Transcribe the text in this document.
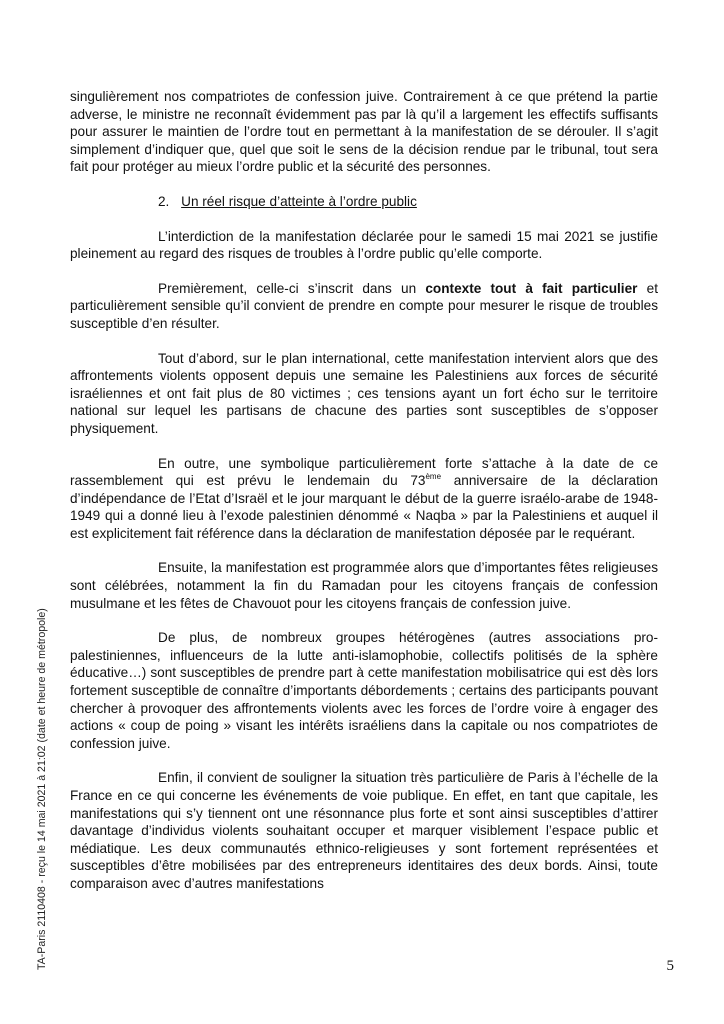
singulièrement nos compatriotes de confession juive. Contrairement à ce que prétend la partie adverse, le ministre ne reconnaît évidemment pas par là qu’il a largement les effectifs suffisants pour assurer le maintien de l’ordre tout en permettant à la manifestation de se dérouler. Il s’agit simplement d’indiquer que, quel que soit le sens de la décision rendue par le tribunal, tout sera fait pour protéger au mieux l’ordre public et la sécurité des personnes.

2. Un réel risque d’atteinte à l’ordre public

L’interdiction de la manifestation déclarée pour le samedi 15 mai 2021 se justifie pleinement au regard des risques de troubles à l’ordre public qu’elle comporte.

Premièrement, celle-ci s’inscrit dans un contexte tout à fait particulier et particulièrement sensible qu’il convient de prendre en compte pour mesurer le risque de troubles susceptible d’en résulter.

Tout d’abord, sur le plan international, cette manifestation intervient alors que des affrontements violents opposent depuis une semaine les Palestiniens aux forces de sécurité israéliennes et ont fait plus de 80 victimes ; ces tensions ayant un fort écho sur le territoire national sur lequel les partisans de chacune des parties sont susceptibles de s’opposer physiquement.

En outre, une symbolique particulièrement forte s’attache à la date de ce rassemblement qui est prévu le lendemain du 73ème anniversaire de la déclaration d’indépendance de l’Etat d’Israël et le jour marquant le début de la guerre israélo-arabe de 1948-1949 qui a donné lieu à l’exode palestinien dénommé « Naqba » par la Palestiniens et auquel il est explicitement fait référence dans la déclaration de manifestation déposée par le requérant.

Ensuite, la manifestation est programmée alors que d’importantes fêtes religieuses sont célébrées, notamment la fin du Ramadan pour les citoyens français de confession musulmane et les fêtes de Chavouot pour les citoyens français de confession juive.

De plus, de nombreux groupes hétérogènes (autres associations pro-palestiniennes, influenceurs de la lutte anti-islamophobie, collectifs politisés de la sphère éducative…) sont susceptibles de prendre part à cette manifestation mobilisatrice qui est dès lors fortement susceptible de connaître d’importants débordements ; certains des participants pouvant chercher à provoquer des affrontements violents avec les forces de l’ordre voire à engager des actions « coup de poing » visant les intérêts israéliens dans la capitale ou nos compatriotes de confession juive.

Enfin, il convient de souligner la situation très particulière de Paris à l’échelle de la France en ce qui concerne les événements de voie publique. En effet, en tant que capitale, les manifestations qui s’y tiennent ont une résonnance plus forte et sont ainsi susceptibles d’attirer davantage d’individus violents souhaitant occuper et marquer visiblement l’espace public et médiatique. Les deux communautés ethnico-religieuses y sont fortement représentées et susceptibles d’être mobilisées par des entrepreneurs identitaires des deux bords. Ainsi, toute comparaison avec d’autres manifestations

TA-Paris 2110408 - reçu le 14 mai 2021 à 21:02 (date et heure de métropole)	5
